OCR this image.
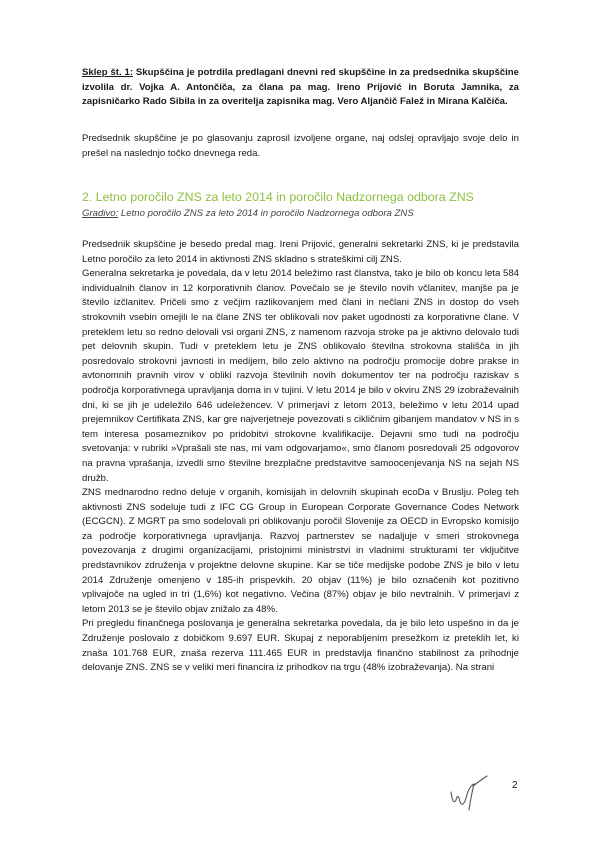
Sklep št. 1: Skupščina je potrdila predlagani dnevni red skupščine in za predsednika skupščine izvolila dr. Vojka A. Antončiča, za člana pa mag. Ireno Prijović in Boruta Jamnika, za zapisničarko Rado Sibila in za overitelja zapisnika mag. Vero Aljančič Falež in Mirana Kalčiča.

Predsednik skupščine je po glasovanju zaprosil izvoljene organe, naj odslej opravljajo svoje delo in prešel na naslednjo točko dnevnega reda.

2. Letno poročilo ZNS za leto 2014 in poročilo Nadzornega odbora ZNS
Gradivo: Letno poročilo ZNS za leto 2014 in poročilo Nadzornega odbora ZNS

Predsednik skupščine je besedo predal mag. Ireni Prijović, generalni sekretarki ZNS, ki je predstavila Letno poročilo za leto 2014 in aktivnosti ZNS skladno s strateškimi cilj ZNS.

Generalna sekretarka je povedala, da v letu 2014 beležimo rast članstva, tako je bilo ob koncu leta 584 individualnih članov in 12 korporativnih članov. Povečalo se je število novih včlanitev, manjše pa je število izčlanitev. Pričeli smo z večjim razlikovanjem med člani in nečlani ZNS in dostop do vseh strokovnih vsebin omejili le na člane ZNS ter oblikovali nov paket ugodnosti za korporativne člane. V preteklem letu so redno delovali vsi organi ZNS, z namenom razvoja stroke pa je aktivno delovalo tudi pet delovnih skupin. Tudi v preteklem letu je ZNS oblikovalo številna strokovna stališča in jih posredovalo strokovni javnosti in medijem, bilo zelo aktivno na področju promocije dobre prakse in avtonomnih pravnih virov v obliki razvoja številnih novih dokumentov ter na področju raziskav s področja korporativnega upravljanja doma in v tujini. V letu 2014 je bilo v okviru ZNS 29 izobraževalnih dni, ki se jih je udeležilo 646 udeležencev. V primerjavi z letom 2013, beležimo v letu 2014 upad prejemnikov Certifikata ZNS, kar gre najverjetneje povezovati s cikličnim gibanjem mandatov v NS in s tem interesa posameznikov po pridobitvi strokovne kvalifikacije. Dejavni smo tudi na področju svetovanja: v rubriki »Vprašali ste nas, mi vam odgovarjamo«, smo članom posredovali 25 odgovorov na pravna vprašanja, izvedli smo številne brezplačne predstavitve samoocenjevanja NS na sejah NS družb.

ZNS mednarodno redno deluje v organih, komisijah in delovnih skupinah ecoDa v Bruslju. Poleg teh aktivnosti ZNS sodeluje tudi z IFC CG Group in European Corporate Governance Codes Network (ECGCN). Z MGRT pa smo sodelovali pri oblikovanju poročil Slovenije za OECD in Evropsko komisijo za področje korporativnega upravljanja. Razvoj partnerstev se nadaljuje v smeri strokovnega povezovanja z drugimi organizacijami, pristojnimi ministrstvi in vladnimi strukturami ter vključitve predstavnikov združenja v projektne delovne skupine. Kar se tiče medijske podobe ZNS je bilo v letu 2014 Združenje omenjeno v 185-ih prispevkih. 20 objav (11%) je bilo označenih kot pozitivno vplivajoče na ugled in tri (1,6%) kot negativno. Večina (87%) objav je bilo nevtralnih. V primerjavi z letom 2013 se je število objav znižalo za 48%.

Pri pregledu finančnega poslovanja je generalna sekretarka povedala, da je bilo leto uspešno in da je Združenje poslovalo z dobičkom 9.697 EUR. Skupaj z neporabljenim presežkom iz preteklih let, ki znaša 101.768 EUR, znaša rezerva 111.465 EUR in predstavlja finančno stabilnost za prihodnje delovanje ZNS. ZNS se v veliki meri financira iz prihodkov na trgu (48% izobraževanja). Na strani

2
